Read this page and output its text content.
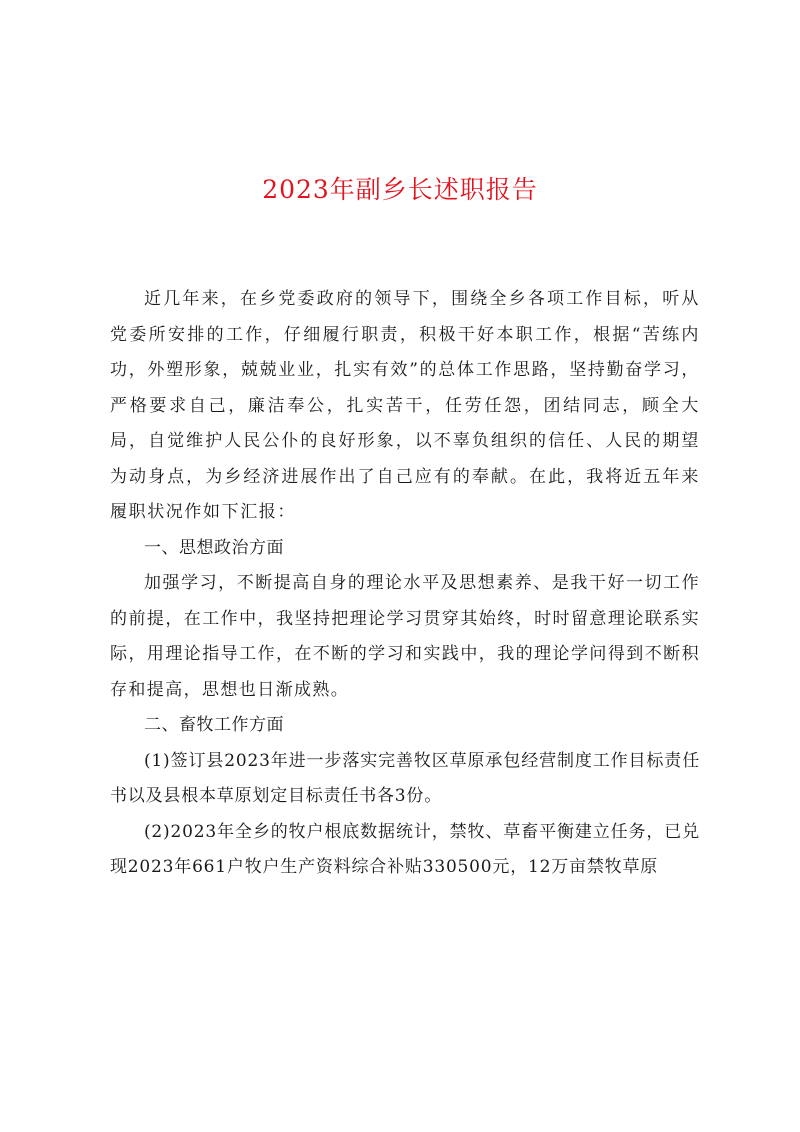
2023年副乡长述职报告

近几年来，在乡党委政府的领导下，围绕全乡各项工作目标，听从党委所安排的工作，仔细履行职责，积极干好本职工作，根据“苦练内功，外塑形象，兢兢业业，扎实有效”的总体工作思路，坚持勤奋学习，严格要求自己，廉洁奉公，扎实苦干，任劳任怨，团结同志，顾全大局，自觉维护人民公仆的良好形象，以不辜负组织的信任、人民的期望为动身点，为乡经济进展作出了自己应有的奉献。在此，我将近五年来履职状况作如下汇报：

一、思想政治方面

加强学习，不断提高自身的理论水平及思想素养、是我干好一切工作的前提，在工作中，我坚持把理论学习贯穿其始终，时时留意理论联系实际，用理论指导工作，在不断的学习和实践中，我的理论学问得到不断积存和提高，思想也日渐成熟。

二、畜牧工作方面

(1)签订县2023年进一步落实完善牧区草原承包经营制度工作目标责任书以及县根本草原划定目标责任书各3份。

(2)2023年全乡的牧户根底数据统计，禁牧、草畜平衡建立任务，已兑现2023年661户牧户生产资料综合补贴330500元，12万亩禁牧草原
